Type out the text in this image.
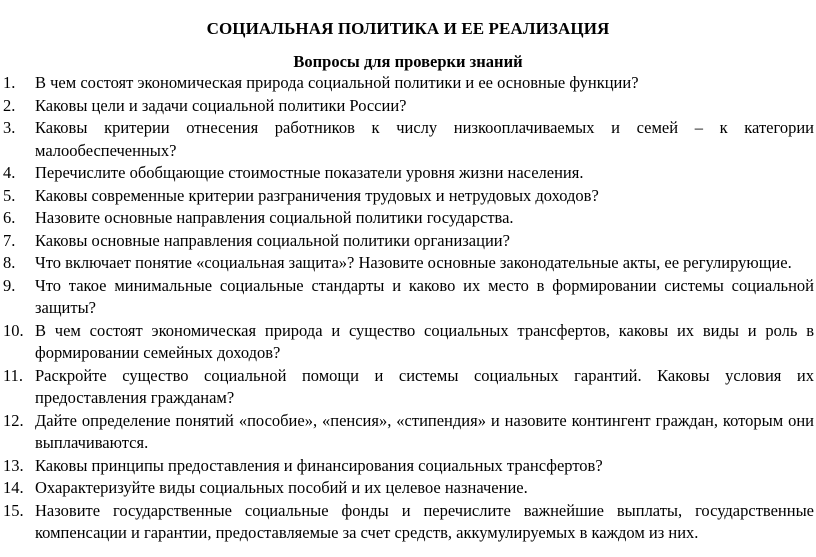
СОЦИАЛЬНАЯ ПОЛИТИКА И ЕЕ РЕАЛИЗАЦИЯ
Вопросы для проверки знаний
1.	В чем состоят экономическая природа социальной политики и ее основные функции?
2.	Каковы цели и задачи социальной политики России?
3.	Каковы критерии отнесения работников к числу низкооплачиваемых и семей – к категории малообеспеченных?
4.	Перечислите обобщающие стоимостные показатели уровня жизни населения.
5.	Каковы современные критерии разграничения трудовых и нетрудовых доходов?
6.	Назовите основные направления социальной политики государства.
7.	Каковы основные направления социальной политики организации?
8.	Что включает понятие «социальная защита»? Назовите основные законодательные акты, ее регулирующие.
9.	Что такое минимальные социальные стандарты и каково их место в формировании системы социальной защиты?
10. В чем состоят экономическая природа и существо социальных трансфертов, каковы их виды и роль в формировании семейных доходов?
11. Раскройте существо социальной помощи и системы социальных гарантий. Каковы условия их предоставления гражданам?
12. Дайте определение понятий «пособие», «пенсия», «стипендия» и назовите контингент граждан, которым они выплачиваются.
13. Каковы принципы предоставления и финансирования социальных трансфертов?
14. Охарактеризуйте виды социальных пособий и их целевое назначение.
15. Назовите государственные социальные фонды и перечислите важнейшие выплаты, государственные компенсации и гарантии, предоставляемые за счет средств, аккумулируемых в каждом из них.
